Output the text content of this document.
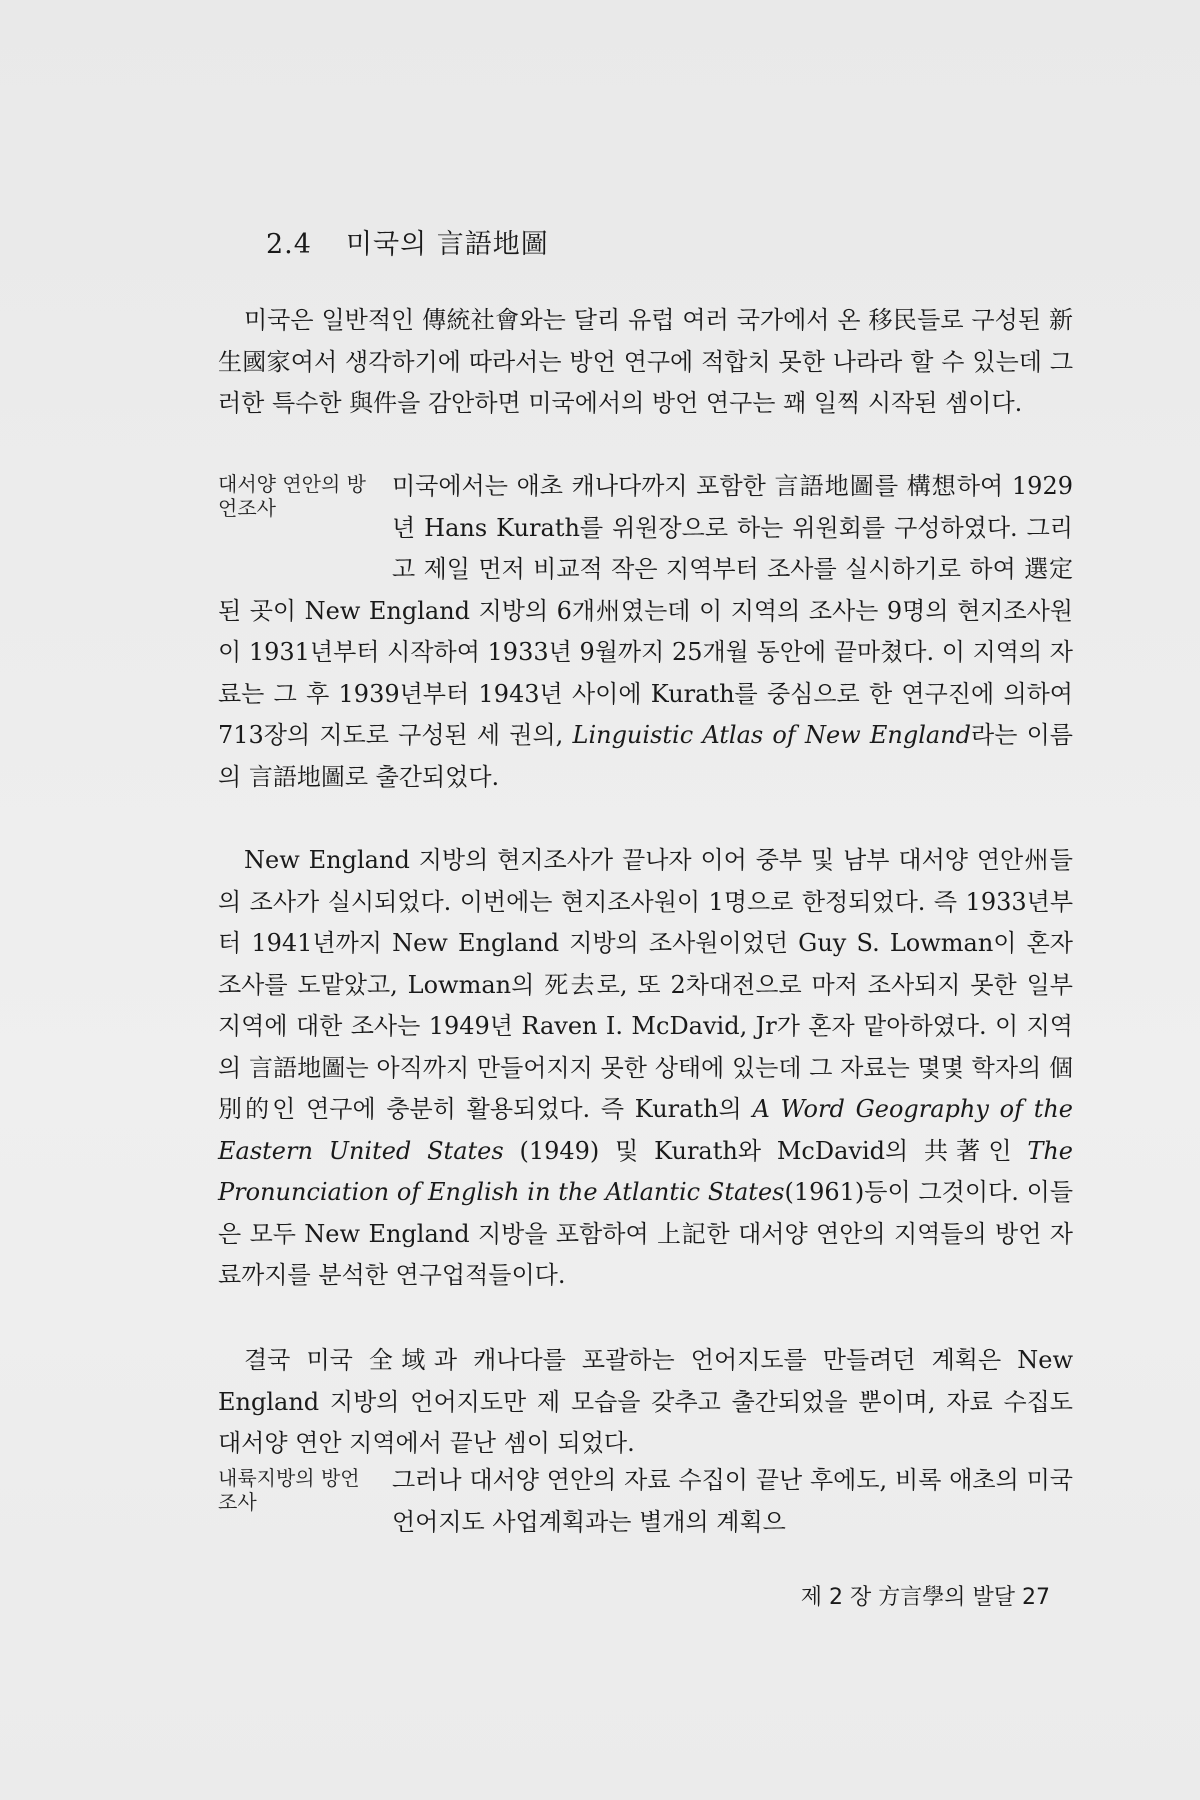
2.4 미국의 言語地圖

미국은 일반적인 傳統社會와는 달리 유럽 여러 국가에서 온 移民들로 구성된 新生國家여서 생각하기에 따라서는 방언 연구에 적합치 못한 나라라 할 수 있는데 그러한 특수한 與件을 감안하면 미국에서의 방언 연구는 꽤 일찍 시작된 셈이다.

대서양 연안의 방언조사
미국에서는 애초 캐나다까지 포함한 言語地圖를 構想하여 1929년 Hans Kurath를 위원장으로 하는 위원회를 구성하였다. 그리고 제일 먼저 비교적 작은 지역부터 조사를 실시하기로 하여 選定된 곳이 New England 지방의 6개州였는데 이 지역의 조사는 9명의 현지조사원이 1931년부터 시작하여 1933년 9월까지 25개월 동안에 끝마쳤다. 이 지역의 자료는 그 후 1939년부터 1943년 사이에 Kurath를 중심으로 한 연구진에 의하여 713장의 지도로 구성된 세 권의, Linguistic Atlas of New England라는 이름의 言語地圖로 출간되었다.

New England 지방의 현지조사가 끝나자 이어 중부 및 남부 대서양 연안州들의 조사가 실시되었다. 이번에는 현지조사원이 1명으로 한정되었다. 즉 1933년부터 1941년까지 New England 지방의 조사원이었던 Guy S. Lowman이 혼자 조사를 도맡았고, Lowman의 死去로, 또 2차대전으로 마저 조사되지 못한 일부 지역에 대한 조사는 1949년 Raven I. McDavid, Jr가 혼자 맡아하였다. 이 지역의 言語地圖는 아직까지 만들어지지 못한 상태에 있는데 그 자료는 몇몇 학자의 個別的인 연구에 충분히 활용되었다. 즉 Kurath의 A Word Geography of the Eastern United States (1949) 및 Kurath와 McDavid의 共著인 The Pronunciation of English in the Atlantic States(1961)등이 그것이다. 이들은 모두 New England 지방을 포함하여 上記한 대서양 연안의 지역들의 방언 자료까지를 분석한 연구업적들이다.

결국 미국 全域과 캐나다를 포괄하는 언어지도를 만들려던 계획은 New England 지방의 언어지도만 제 모습을 갖추고 출간되었을 뿐이며, 자료 수집도 대서양 연안 지역에서 끝난 셈이 되었다.

내륙지방의 방언 조사
그러나 대서양 연안의 자료 수집이 끝난 후에도, 비록 애초의 미국 언어지도 사업계획과는 별개의 계획으
제 2 장 方言學의 발달 27
